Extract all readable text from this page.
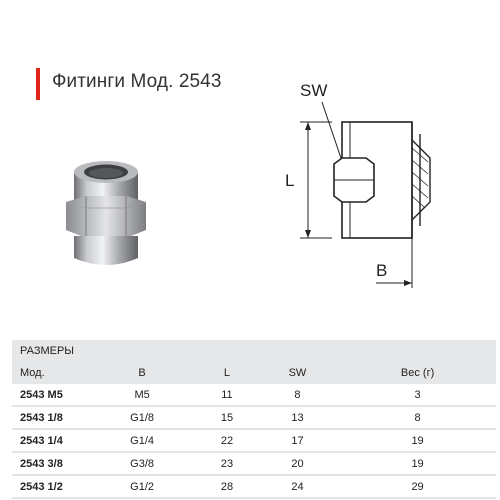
Фитинги Мод. 2543	SW
L
B
РАЗМЕРЫ
Мод.	B	L	SW	Вес (г)
2543 M5	M5	11	8	3
2543 1/8	G1/8	15	13	8
2543 1/4	G1/4	22	17	19
2543 3/8	G3/8	23	20	19
2543 1/2	G1/2	28	24	29
